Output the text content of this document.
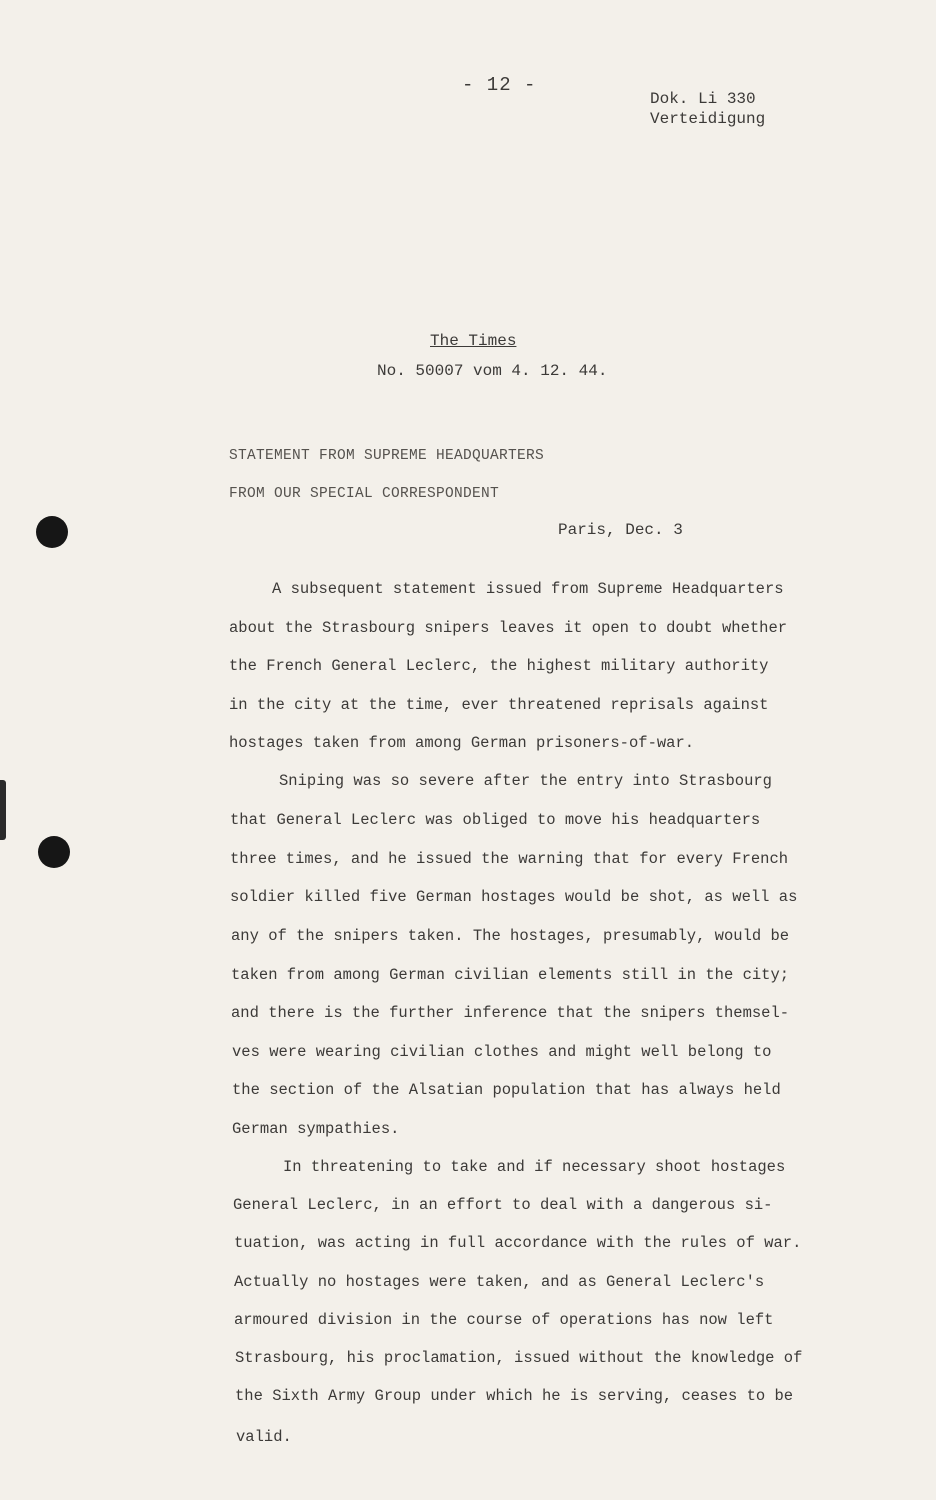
- 12 -
Dok. Li 330
Verteidigung
The Times
No. 50007 vom 4. 12. 44.
STATEMENT FROM SUPREME HEADQUARTERS
FROM OUR SPECIAL CORRESPONDENT
Paris, Dec. 3
A subsequent statement issued from Supreme Headquarters
about the Strasbourg snipers leaves it open to doubt whether
the French General Leclerc, the highest military authority
in the city at the time, ever threatened reprisals against
hostages taken from among German prisoners-of-war.
Sniping was so severe after the entry into Strasbourg
that General Leclerc was obliged to move his headquarters
three times, and he issued the warning that for every French
soldier killed five German hostages would be shot, as well as
any of the snipers taken. The hostages, presumably, would be
taken from among German civilian elements still in the city;
and there is the further inference that the snipers themsel-
ves were wearing civilian clothes and might well belong to
the section of the Alsatian population that has always held
German sympathies.
In threatening to take and if necessary shoot hostages
General Leclerc, in an effort to deal with a dangerous si-
tuation, was acting in full accordance with the rules of war.
Actually no hostages were taken, and as General Leclerc's
armoured division in the course of operations has now left
Strasbourg, his proclamation, issued without the knowledge of
the Sixth Army Group under which he is serving, ceases to be
valid.
